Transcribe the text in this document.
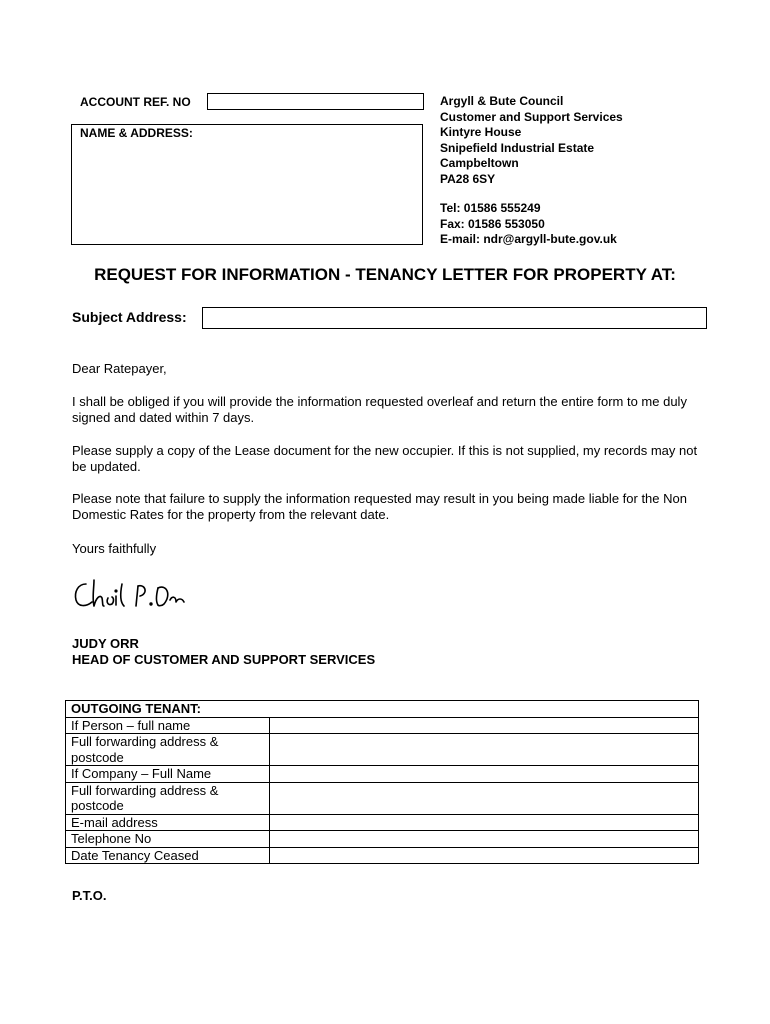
ACCOUNT REF. NO
NAME & ADDRESS:
Argyll & Bute Council
Customer and Support Services
Kintyre House
Snipefield Industrial Estate
Campbeltown
PA28 6SY
Tel: 01586 555249
Fax: 01586 553050
E-mail: ndr@argyll-bute.gov.uk
REQUEST FOR INFORMATION - TENANCY LETTER FOR PROPERTY AT:
Subject Address:
Dear Ratepayer,
I shall be obliged if you will provide the information requested overleaf and return the entire form to me duly signed and dated within 7 days.
Please supply a copy of the Lease document for the new occupier. If this is not supplied, my records may not be updated.
Please note that failure to supply the information requested may result in you being made liable for the Non Domestic Rates for the property from the relevant date.
Yours faithfully
JUDY ORR
HEAD OF CUSTOMER AND SUPPORT SERVICES
OUTGOING TENANT:	
If Person – full name	
Full forwarding address & postcode	
If Company – Full Name	
Full forwarding address & postcode	
E-mail address	
Telephone No	
Date Tenancy Ceased	
P.T.O.
